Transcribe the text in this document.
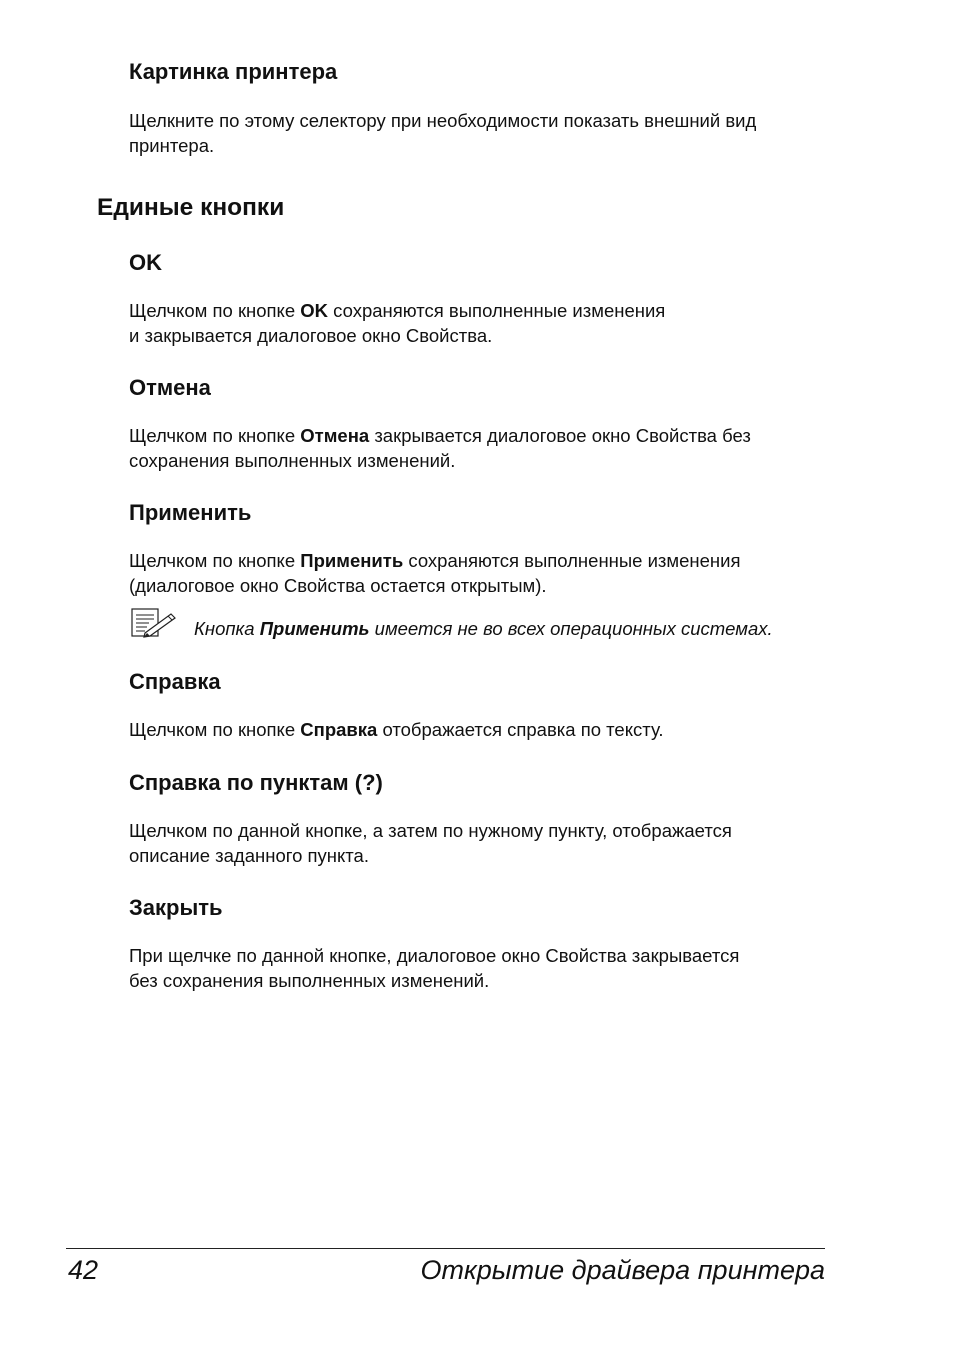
Картинка принтера

Щелкните по этому селектору при необходимости показать внешний вид
принтера.

Единые кнопки
OK

Щелчком по кнопке OK сохраняются выполненные изменения
и закрывается диалоговое окно Свойства.

Отмена

Щелчком по кнопке Отмена закрывается диалоговое окно Свойства без
сохранения выполненных изменений.

Применить

Щелчком по кнопке Применить сохраняются выполненные изменения
(диалоговое окно Свойства остается открытым).

Кнопка Применить имеется не во всех операционных системах.

Справка

Щелчком по кнопке Справка отображается справка по тексту.

Справка по пунктам (?)

Щелчком по данной кнопке, а затем по нужному пункту, отображается
описание заданного пункта.

Закрыть

При щелчке по данной кнопке, диалоговое окно Свойства закрывается
без сохранения выполненных изменений.

42	Открытие драйвера принтера
